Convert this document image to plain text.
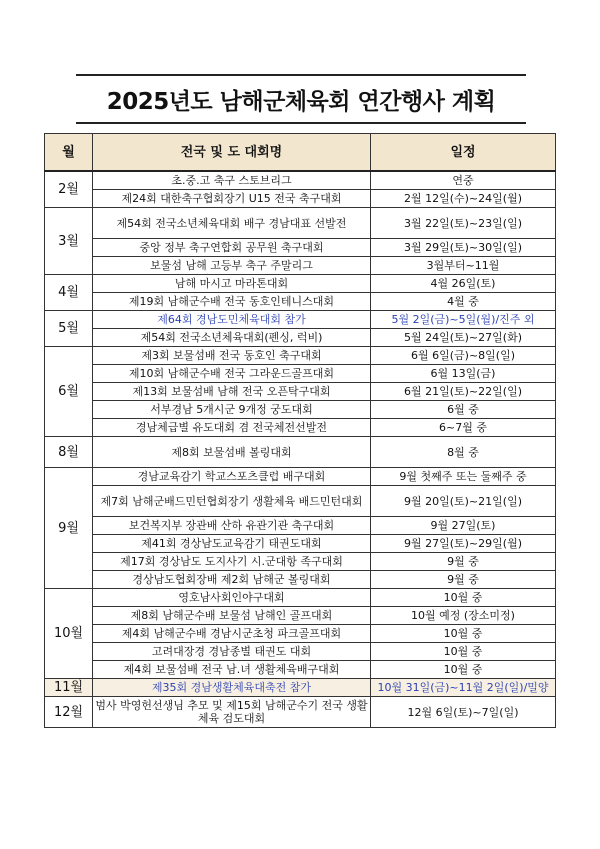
2025년도 남해군체육회 연간행사 계획
월	전국 및 도 대회명	일정
2월	초.중.고 축구 스토브리그	연중
	제24회 대한축구협회장기 U15 전국 축구대회	2월 12일(수)~24일(월)
3월	제54회 전국소년체육대회 배구 경남대표 선발전	3월 22일(토)~23일(일)
	중앙 정부 축구연합회 공무원 축구대회	3월 29일(토)~30일(일)
	보물섬 남해 고등부 축구 주말리그	3월부터~11월
4월	남해 마시고 마라톤대회	4월 26일(토)
	제19회 남해군수배 전국 동호인테니스대회	4월 중
5월	제64회 경남도민체육대회 참가	5월 2일(금)~5일(월)/진주 외
	제54회 전국소년체육대회(펜싱, 럭비)	5월 24일(토)~27일(화)
6월	제3회 보물섬배 전국 동호인 축구대회	6월 6일(금)~8일(일)
	제10회 남해군수배 전국 그라운드골프대회	6월 13일(금)
	제13회 보물섬배 남해 전국 오픈탁구대회	6월 21일(토)~22일(일)
	서부경남 5개시군 9개정 궁도대회	6월 중
	경남체급별 유도대회 겸 전국체전선발전	6~7월 중
8월	제8회 보물섬배 볼링대회	8월 중
9월	경남교육감기 학교스포츠클럽 배구대회	9월 첫째주 또는 둘째주 중
	제7회 남해군배드민턴협회장기 생활체육 배드민턴대회	9월 20일(토)~21일(일)
	보건복지부 장관배 산하 유관기관 축구대회	9월 27일(토)
	제41회 경상남도교육감기 태권도대회	9월 27일(토)~29일(월)
	제17회 경상남도 도지사기 시.군대항 족구대회	9월 중
	경상남도협회장배 제2회 남해군 볼링대회	9월 중
10월	영호남사회인야구대회	10월 중
	제8회 남해군수배 보물섬 남해인 골프대회	10월 예정 (장소미정)
	제4회 남해군수배 경남시군초청 파크골프대회	10월 중
	고려대장경 경남종별 태권도 대회	10월 중
	제4회 보물섬배 전국 남.녀 생활체육배구대회	10월 중
11월	제35회 경남생활체육대축전 참가	10월 31일(금)~11월 2일(일)/밀양
12월	범사 박영헌선생님 추모 및 제15회 남해군수기 전국 생활체육 검도대회	12월 6일(토)~7일(일)
